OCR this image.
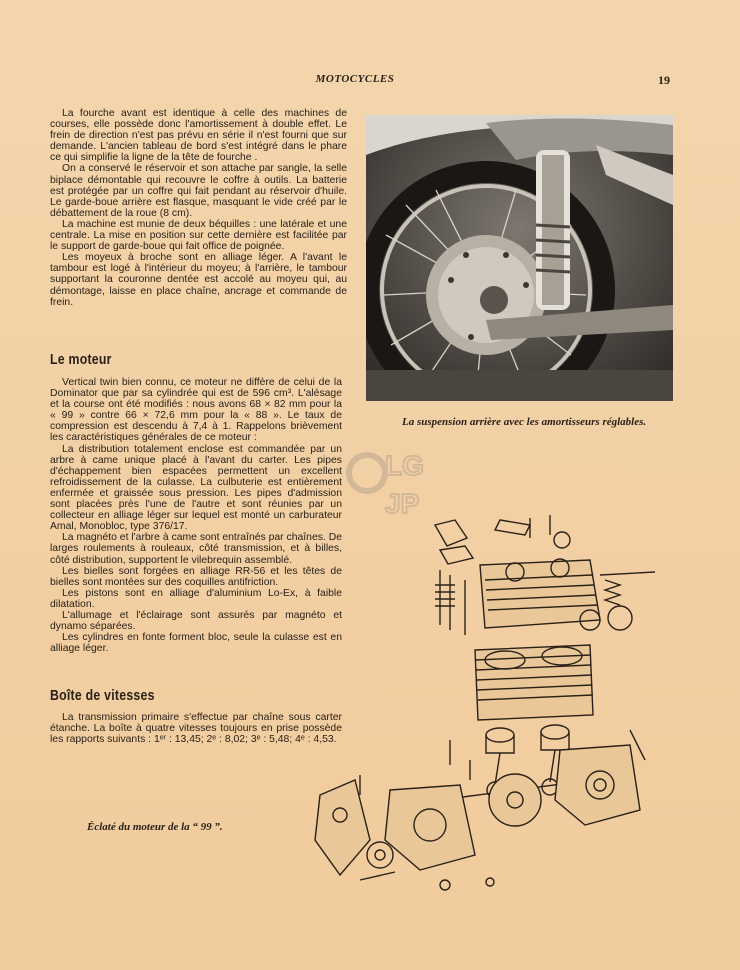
MOTOCYCLES	19

La fourche avant est identique à celle des machines de courses, elle possède donc l'amortissement à double effet. Le frein de direction n'est pas prévu en série il n'est fourni que sur demande. L'ancien tableau de bord s'est intégré dans le phare ce qui simplifie la ligne de la tête de fourche .

On a conservé le réservoir et son attache par sangle, la selle biplace démontable qui recouvre le coffre à outils. La batterie est protégée par un coffre qui fait pendant au réservoir d'huile. Le garde-boue arrière est flasque, masquant le vide créé par le débattement de la roue (8 cm).

La machine est munie de deux béquilles : une latérale et une centrale. La mise en position sur cette dernière est facilitée par le support de garde-boue qui fait office de poignée.

Les moyeux à broche sont en alliage léger. A l'avant le tambour est logé à l'intérieur du moyeu; à l'arrière, le tambour supportant la couronne dentée est accolé au moyeu qui, au démontage, laisse en place chaîne, ancrage et commande de frein.

Le moteur

Vertical twin bien connu, ce moteur ne diffère de celui de la Dominator que par sa cylindrée qui est de 596 cm³. L'alésage et la course ont été modifiés : nous avons 68 × 82 mm pour la « 99 » contre 66 × 72,6 mm pour la « 88 ». Le taux de compression est descendu à 7,4 à 1. Rappelons brièvement les caractéristiques générales de ce moteur :

La distribution totalement enclose est commandée par un arbre à came unique placé à l'avant du carter. Les pipes d'échappement bien espacées permettent un excellent refroidissement de la culasse. La culbuterie est entièrement enfermée et graissée sous pression. Les pipes d'admission sont placées près l'une de l'autre et sont réunies par un collecteur en alliage léger sur lequel est monté un carburateur Amal, Monobloc, type 376/17.

La magnéto et l'arbre à came sont entraînés par chaînes. De larges roulements à rouleaux, côté transmission, et à billes, côté distribution, supportent le vilebrequin assemblé.

Les bielles sont forgées en alliage RR-56 et les têtes de bielles sont montées sur des coquilles antifriction.

Les pistons sont en alliage d'aluminium Lo-Ex, à faible dilatation.

L'allumage et l'éclairage sont assurés par magnéto et dynamo séparées.

Les cylindres en fonte forment bloc, seule la culasse est en alliage léger.

Boîte de vitesses

La transmission primaire s'effectue par chaîne sous carter étanche. La boîte à quatre vitesses toujours en prise possède les rapports suivants : 1ᵉʳ : 13,45; 2ᵉ : 8,02; 3ᵉ : 5,48; 4ᵉ : 4,53.

La suspension arrière avec les amortisseurs réglables.
LG
JP
Éclaté du moteur de la “ 99 ”.
